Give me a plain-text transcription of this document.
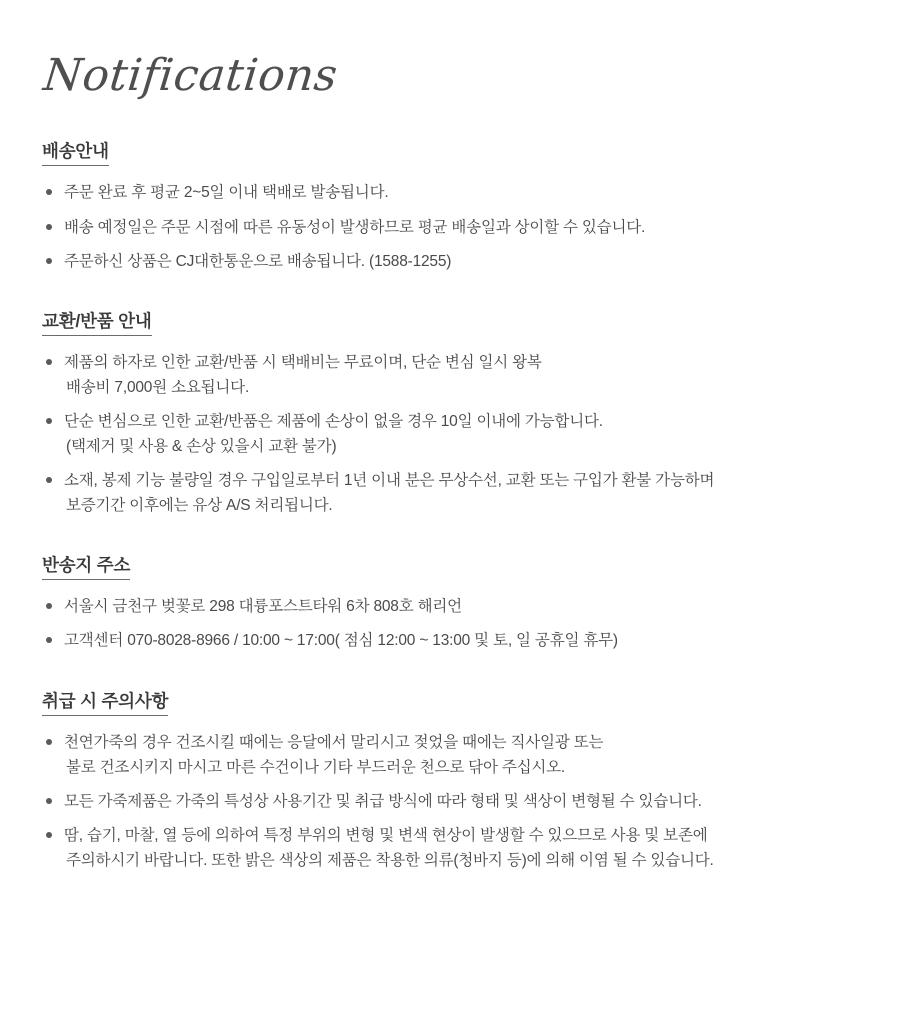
Notifications
배송안내
주문 완료 후 평균 2~5일 이내 택배로 발송됩니다.
배송 예정일은 주문 시점에 따른 유동성이 발생하므로 평균 배송일과 상이할 수 있습니다.
주문하신 상품은 CJ대한통운으로 배송됩니다. (1588-1255)
교환/반품 안내
제품의 하자로 인한 교환/반품 시 택배비는 무료이며, 단순 변심 일시 왕복
배송비 7,000원 소요됩니다.
단순 변심으로 인한 교환/반품은 제품에 손상이 없을 경우 10일 이내에 가능합니다.
(택제거 및 사용 & 손상 있을시 교환 불가)
소재, 봉제 기능 불량일 경우 구입일로부터 1년 이내 분은 무상수선, 교환 또는 구입가 환불 가능하며
보증기간 이후에는 유상 A/S 처리됩니다.
반송지 주소
서울시 금천구 벚꽃로 298 대륭포스트타워 6차 808호 해리언
고객센터 070-8028-8966 / 10:00 ~ 17:00( 점심 12:00 ~ 13:00 및 토, 일 공휴일 휴무)
취급 시 주의사항
천연가죽의 경우 건조시킬 때에는 응달에서 말리시고 젖었을 때에는 직사일광 또는
불로 건조시키지 마시고 마른 수건이나 기타 부드러운 천으로 닦아 주십시오.
모든 가죽제품은 가죽의 특성상 사용기간 및 취급 방식에 따라 형태 및 색상이 변형될 수 있습니다.
땀, 습기, 마찰, 열 등에 의하여 특정 부위의 변형 및 변색 현상이 발생할 수 있으므로 사용 및 보존에
주의하시기 바랍니다. 또한 밝은 색상의 제품은 착용한 의류(청바지 등)에 의해 이염 될 수 있습니다.
